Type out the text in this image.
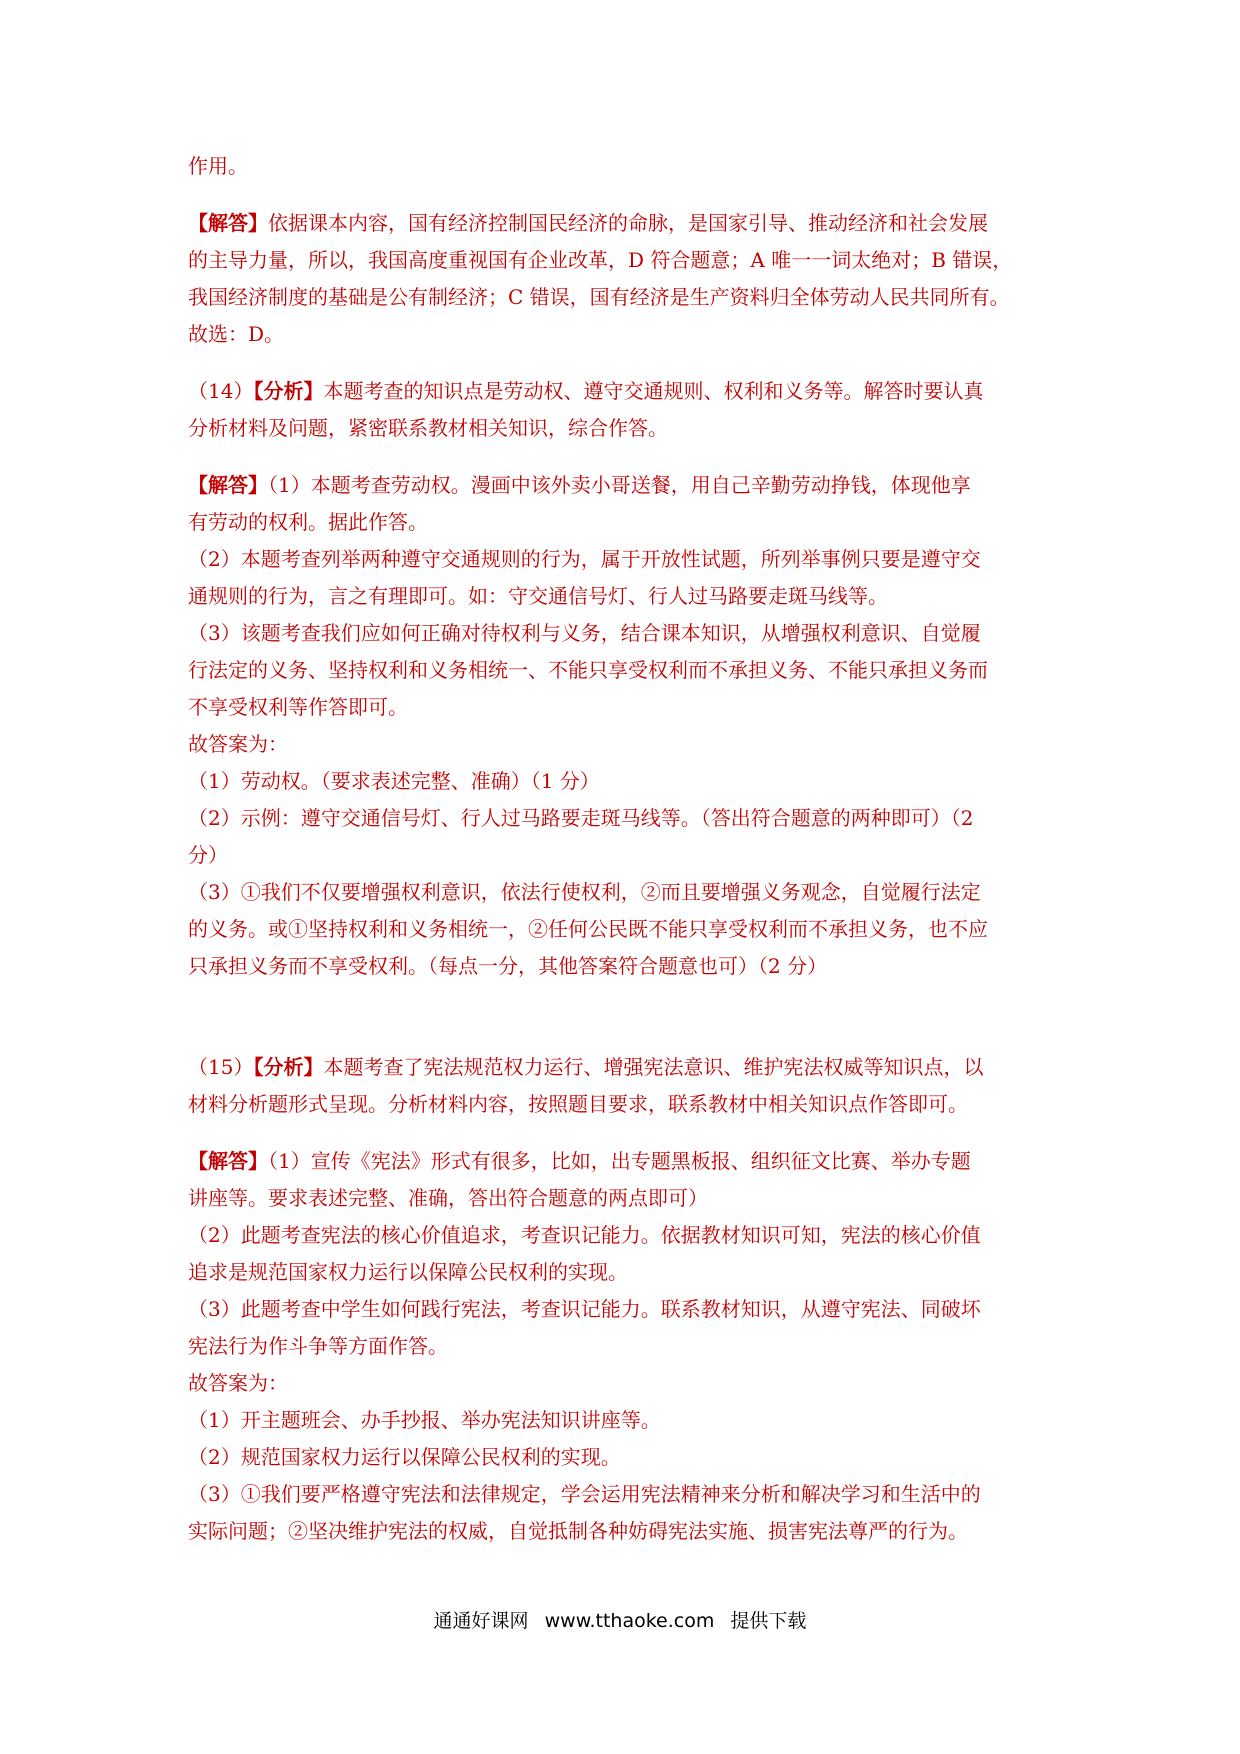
作用。
【解答】依据课本内容，国有经济控制国民经济的命脉，是国家引导、推动经济和社会发展
的主导力量，所以，我国高度重视国有企业改革，D 符合题意；A 唯一一词太绝对；B 错误，
我国经济制度的基础是公有制经济；C 错误，国有经济是生产资料归全体劳动人民共同所有。
故选：D。
（14）【分析】本题考查的知识点是劳动权、遵守交通规则、权利和义务等。解答时要认真
分析材料及问题，紧密联系教材相关知识，综合作答。
【解答】（1）本题考查劳动权。漫画中该外卖小哥送餐，用自己辛勤劳动挣钱，体现他享
有劳动的权利。据此作答。
（2）本题考查列举两种遵守交通规则的行为，属于开放性试题，所列举事例只要是遵守交
通规则的行为，言之有理即可。如：守交通信号灯、行人过马路要走斑马线等。
（3）该题考查我们应如何正确对待权利与义务，结合课本知识，从增强权利意识、自觉履
行法定的义务、坚持权利和义务相统一、不能只享受权利而不承担义务、不能只承担义务而
不享受权利等作答即可。
故答案为：
（1）劳动权。（要求表述完整、准确）（1 分）
（2）示例：遵守交通信号灯、行人过马路要走斑马线等。（答出符合题意的两种即可）（2
分）
（3）①我们不仅要增强权利意识，依法行使权利，②而且要增强义务观念，自觉履行法定
的义务。或①坚持权利和义务相统一，②任何公民既不能只享受权利而不承担义务，也不应
只承担义务而不享受权利。（每点一分，其他答案符合题意也可）（2 分）
（15）【分析】本题考查了宪法规范权力运行、增强宪法意识、维护宪法权威等知识点，以
材料分析题形式呈现。分析材料内容，按照题目要求，联系教材中相关知识点作答即可。
【解答】（1）宣传《宪法》形式有很多，比如，出专题黑板报、组织征文比赛、举办专题
讲座等。要求表述完整、准确，答出符合题意的两点即可）
（2）此题考查宪法的核心价值追求，考查识记能力。依据教材知识可知，宪法的核心价值
追求是规范国家权力运行以保障公民权利的实现。
（3）此题考查中学生如何践行宪法，考查识记能力。联系教材知识，从遵守宪法、同破坏
宪法行为作斗争等方面作答。
故答案为：
（1）开主题班会、办手抄报、举办宪法知识讲座等。
（2）规范国家权力运行以保障公民权利的实现。
（3）①我们要严格遵守宪法和法律规定，学会运用宪法精神来分析和解决学习和生活中的
实际问题；②坚决维护宪法的权威，自觉抵制各种妨碍宪法实施、损害宪法尊严的行为。
通通好课网 www.tthaoke.com 提供下载
